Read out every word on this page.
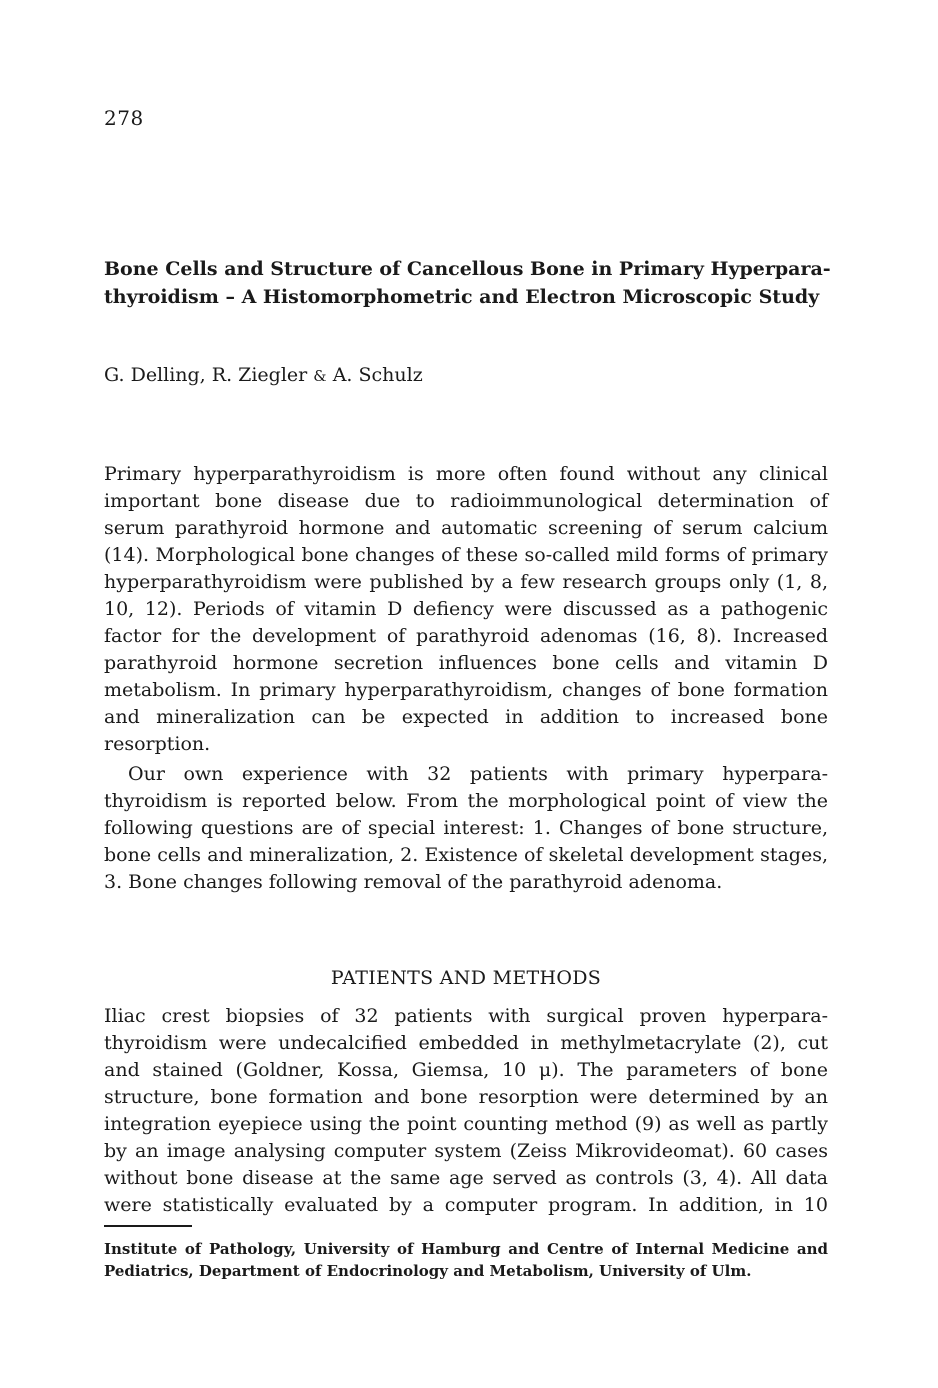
278
Bone Cells and Structure of Cancellous Bone in Primary Hyperpara-
thyroidism – A Histomorphometric and Electron Microscopic Study
G. Delling, R. Ziegler & A. Schulz
Primary hyperparathyroidism is more often found without any clinical
important bone disease due to radioimmunological determination of
serum parathyroid hormone and automatic screening of serum calcium
(14). Morphological bone changes of these so-called mild forms of primary
hyperparathyroidism were published by a few research groups only (1, 8,
10, 12). Periods of vitamin D defiency were discussed as a pathogenic
factor for the development of parathyroid adenomas (16, 8). Increased
parathyroid hormone secretion influences bone cells and vitamin D
metabolism. In primary hyperparathyroidism, changes of bone formation
and mineralization can be expected in addition to increased bone
resorption.
Our own experience with 32 patients with primary hyperpara-
thyroidism is reported below. From the morphological point of view the
following questions are of special interest: 1. Changes of bone structure,
bone cells and mineralization, 2. Existence of skeletal development stages,
3. Bone changes following removal of the parathyroid adenoma.
PATIENTS AND METHODS
Iliac crest biopsies of 32 patients with surgical proven hyperpara-
thyroidism were undecalcified embedded in methylmetacrylate (2), cut
and stained (Goldner, Kossa, Giemsa, 10 μ). The parameters of bone
structure, bone formation and bone resorption were determined by an
integration eyepiece using the point counting method (9) as well as partly
by an image analysing computer system (Zeiss Mikrovideomat). 60 cases
without bone disease at the same age served as controls (3, 4). All data
were statistically evaluated by a computer program. In addition, in 10
Institute of Pathology, University of Hamburg and Centre of Internal Medicine and
Pediatrics, Department of Endocrinology and Metabolism, University of Ulm.
